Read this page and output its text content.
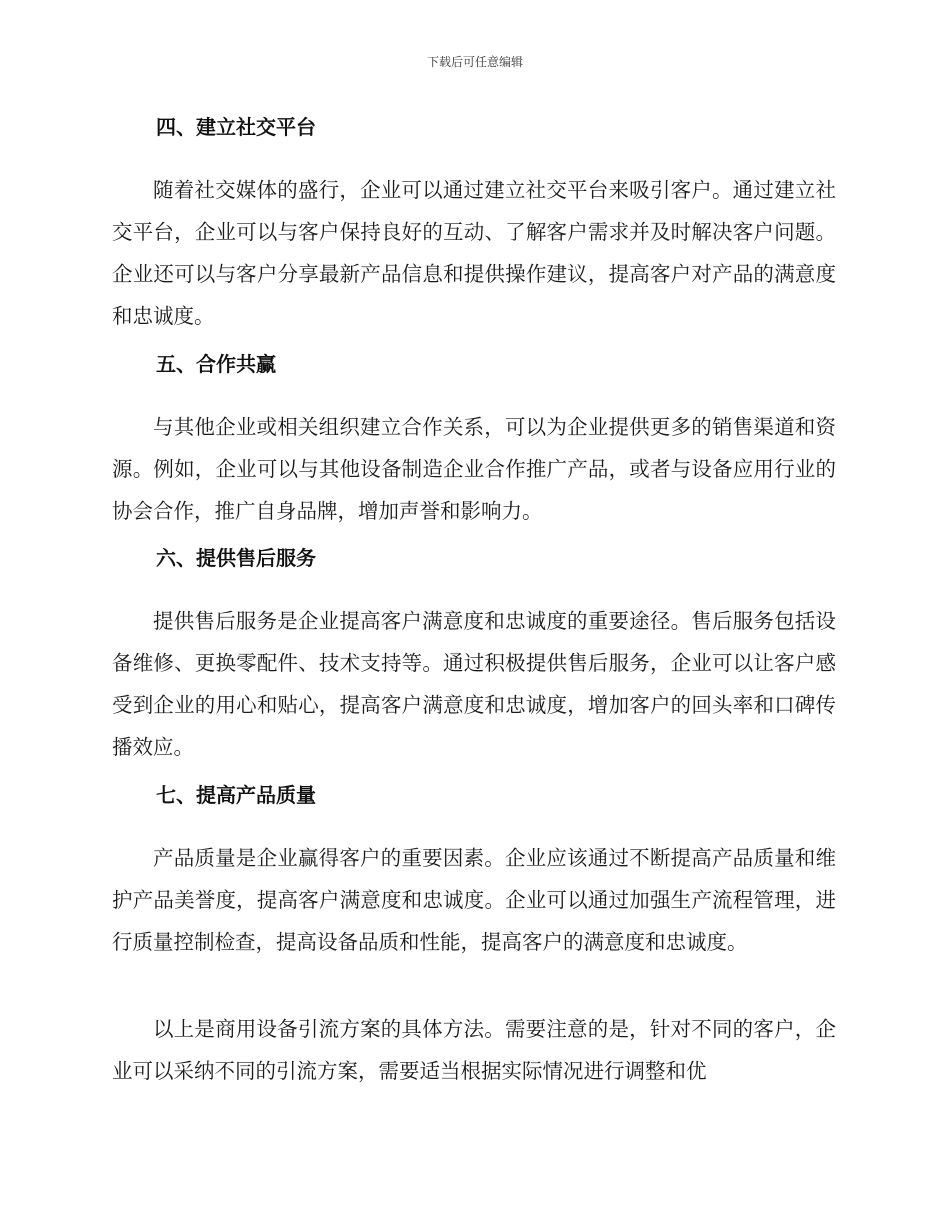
下载后可任意编辑
四、建立社交平台

随着社交媒体的盛行，企业可以通过建立社交平台来吸引客户。通过建立社交平台，企业可以与客户保持良好的互动、了解客户需求并及时解决客户问题。企业还可以与客户分享最新产品信息和提供操作建议，提高客户对产品的满意度和忠诚度。

五、合作共赢

与其他企业或相关组织建立合作关系，可以为企业提供更多的销售渠道和资源。例如，企业可以与其他设备制造企业合作推广产品，或者与设备应用行业的协会合作，推广自身品牌，增加声誉和影响力。

六、提供售后服务

提供售后服务是企业提高客户满意度和忠诚度的重要途径。售后服务包括设备维修、更换零配件、技术支持等。通过积极提供售后服务，企业可以让客户感受到企业的用心和贴心，提高客户满意度和忠诚度，增加客户的回头率和口碑传播效应。

七、提高产品质量

产品质量是企业赢得客户的重要因素。企业应该通过不断提高产品质量和维护产品美誉度，提高客户满意度和忠诚度。企业可以通过加强生产流程管理，进行质量控制检查，提高设备品质和性能，提高客户的满意度和忠诚度。

以上是商用设备引流方案的具体方法。需要注意的是，针对不同的客户，企业可以采纳不同的引流方案，需要适当根据实际情况进行调整和优
